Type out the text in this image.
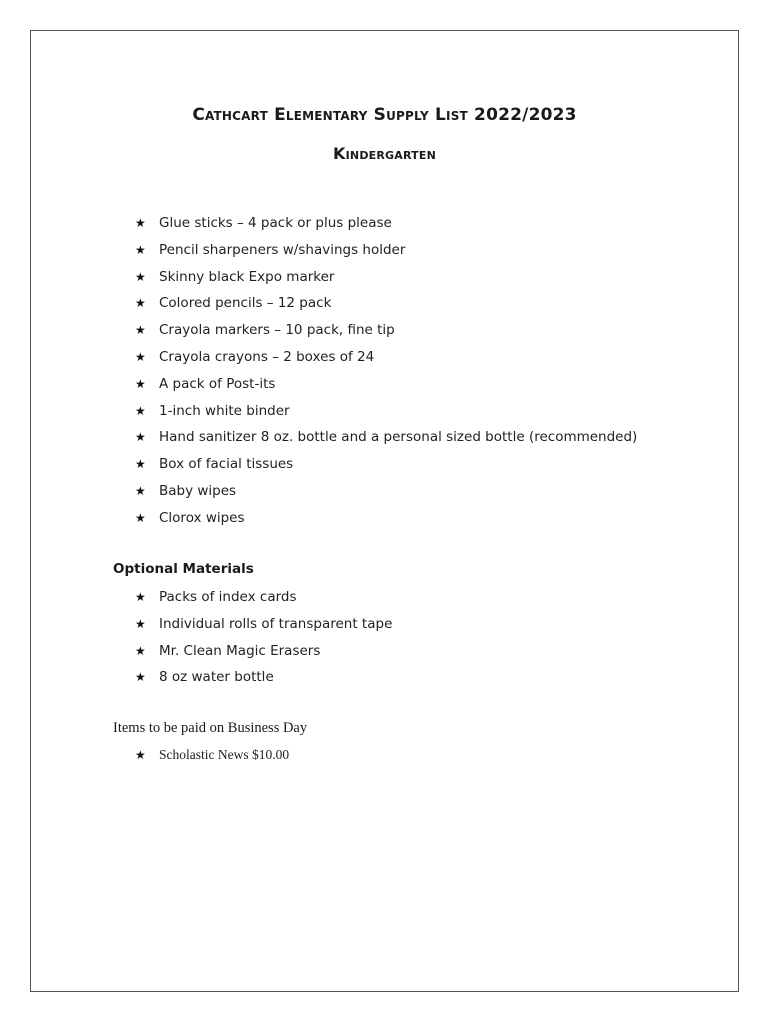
Cathcart Elementary Supply List 2022/2023
Kindergarten
★ Glue sticks – 4 pack or plus please
★ Pencil sharpeners w/shavings holder
★ Skinny black Expo marker
★ Colored pencils – 12 pack
★ Crayola markers – 10 pack, fine tip
★ Crayola crayons – 2 boxes of 24
★ A pack of Post-its
★ 1-inch white binder
★ Hand sanitizer 8 oz. bottle and a personal sized bottle (recommended)
★ Box of facial tissues
★ Baby wipes
★ Clorox wipes
Optional Materials
★ Packs of index cards
★ Individual rolls of transparent tape
★ Mr. Clean Magic Erasers
★ 8 oz water bottle
Items to be paid on Business Day
★ Scholastic News $10.00
